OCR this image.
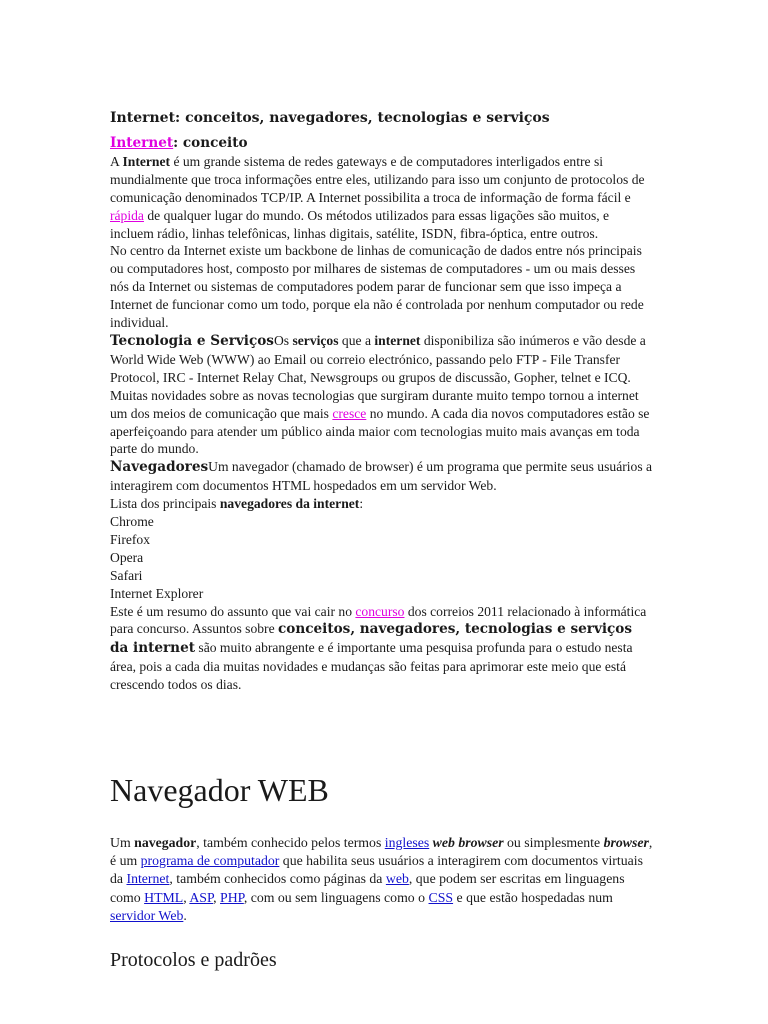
Internet: conceitos, navegadores, tecnologias e serviços

Internet: conceito

A Internet é um grande sistema de redes gateways e de computadores interligados entre si mundialmente que troca informações entre eles, utilizando para isso um conjunto de protocolos de comunicação denominados TCP/IP. A Internet possibilita a troca de informação de forma fácil e rápida de qualquer lugar do mundo. Os métodos utilizados para essas ligações são muitos, e incluem rádio, linhas telefônicas, linhas digitais, satélite, ISDN, fibra-óptica, entre outros.

No centro da Internet existe um backbone de linhas de comunicação de dados entre nós principais ou computadores host, composto por milhares de sistemas de computadores - um ou mais desses nós da Internet ou sistemas de computadores podem parar de funcionar sem que isso impeça a Internet de funcionar como um todo, porque ela não é controlada por nenhum computador ou rede individual.

Tecnologia e ServiçosOs serviços que a internet disponibiliza são inúmeros e vão desde a World Wide Web (WWW) ao Email ou correio electrónico, passando pelo FTP - File Transfer Protocol, IRC - Internet Relay Chat, Newsgroups ou grupos de discussão, Gopher, telnet e ICQ. Muitas novidades sobre as novas tecnologias que surgiram durante muito tempo tornou a internet um dos meios de comunicação que mais cresce no mundo. A cada dia novos computadores estão se aperfeiçoando para atender um público ainda maior com tecnologias muito mais avanças em toda parte do mundo.

NavegadoresUm navegador (chamado de browser) é um programa que permite seus usuários a interagirem com documentos HTML hospedados em um servidor Web.

Lista dos principais navegadores da internet:

Chrome
Firefox
Opera
Safari
Internet Explorer

Este é um resumo do assunto que vai cair no concurso dos correios 2011 relacionado à informática para concurso. Assuntos sobre conceitos, navegadores, tecnologias e serviços da internet são muito abrangente e é importante uma pesquisa profunda para o estudo nesta área, pois a cada dia muitas novidades e mudanças são feitas para aprimorar este meio que está crescendo todos os dias.

Navegador WEB

Um navegador, também conhecido pelos termos ingleses web browser ou simplesmente browser, é um programa de computador que habilita seus usuários a interagirem com documentos virtuais da Internet, também conhecidos como páginas da web, que podem ser escritas em linguagens como HTML, ASP, PHP, com ou sem linguagens como o CSS e que estão hospedadas num servidor Web.

Protocolos e padrões
